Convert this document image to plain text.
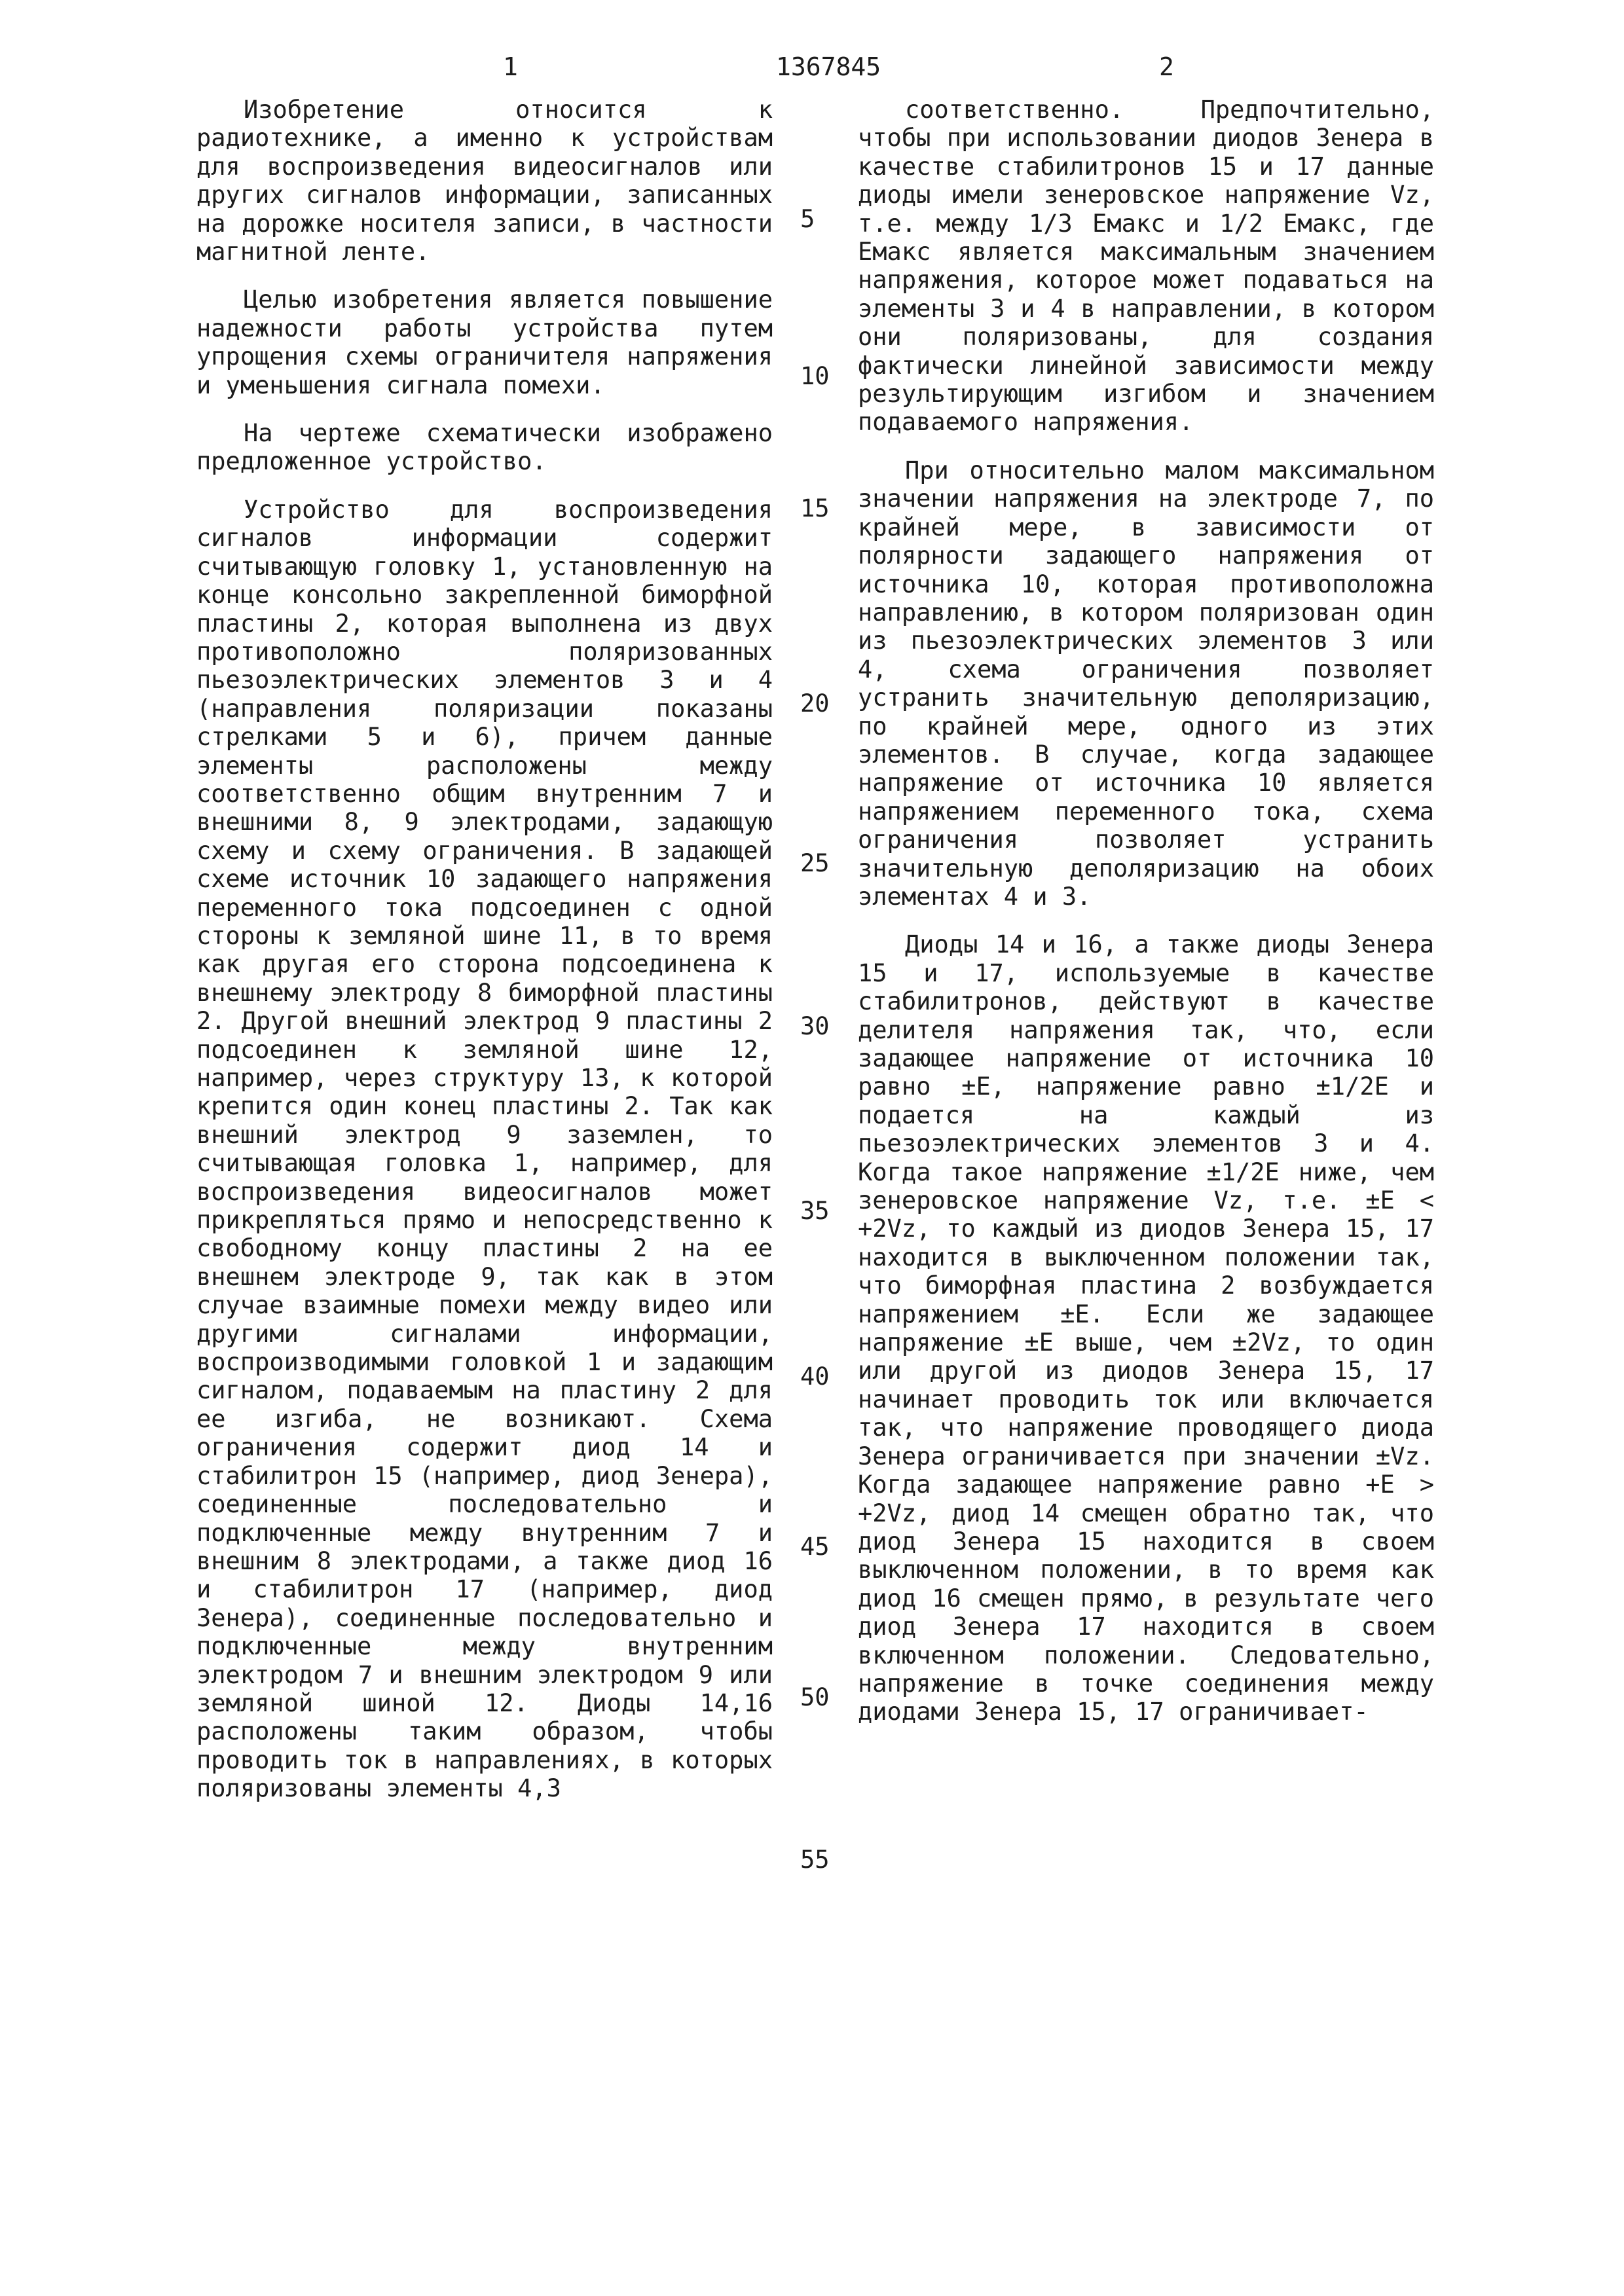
1	1367845	2

Изобретение относится к радиотехнике, а именно к устройствам для воспроизведения видеосигналов или других сигналов информации, записанных на дорожке носителя записи, в частности магнитной ленте.

Целью изобретения является повышение надежности работы устройства путем упрощения схемы ограничителя напряжения и уменьшения сигнала помехи.

На чертеже схематически изображено предложенное устройство.

Устройство для воспроизведения сигналов информации содержит считывающую головку 1, установленную на конце консольно закрепленной биморфной пластины 2, которая выполнена из двух противоположно поляризованных пьезоэлектрических элементов 3 и 4 (направления поляризации показаны стрелками 5 и 6), причем данные элементы расположены между соответственно общим внутренним 7 и внешними 8, 9 электродами, задающую схему и схему ограничения. В задающей схеме источник 10 задающего напряжения переменного тока подсоединен с одной стороны к земляной шине 11, в то время как другая его сторона подсоединена к внешнему электроду 8 биморфной пластины 2. Другой внешний электрод 9 пластины 2 подсоединен к земляной шине 12, например, через структуру 13, к которой крепится один конец пластины 2. Так как внешний электрод 9 заземлен, то считывающая головка 1, например, для воспроизведения видеосигналов может прикрепляться прямо и непосредственно к свободному концу пластины 2 на ее внешнем электроде 9, так как в этом случае взаимные помехи между видео или другими сигналами информации, воспроизводимыми головкой 1 и задающим сигналом, подаваемым на пластину 2 для ее изгиба, не возникают. Схема ограничения содержит диод 14 и стабилитрон 15 (например, диод Зенера), соединенные последовательно и подключенные между внутренним 7 и внешним 8 электродами, а также диод 16 и стабилитрон 17 (например, диод Зенера), соединенные последовательно и подключенные между внутренним электродом 7 и внешним электродом 9 или земляной шиной 12. Диоды 14,16 расположены таким образом, чтобы проводить ток в направлениях, в которых поляризованы элементы 4,3

5
10
15
20
25
30
35
40
45
50
55

соответственно. Предпочтительно, чтобы при использовании диодов Зенера в качестве стабилитронов 15 и 17 данные диоды имели зенеровское напряжение Vz, т.е. между 1/3 Eмакс и 1/2 Eмакс, где Eмакс является максимальным значением напряжения, которое может подаваться на элементы 3 и 4 в направлении, в котором они поляризованы, для создания фактически линейной зависимости между результирующим изгибом и значением подаваемого напряжения.

При относительно малом максимальном значении напряжения на электроде 7, по крайней мере, в зависимости от полярности задающего напряжения от источника 10, которая противоположна направлению, в котором поляризован один из пьезоэлектрических элементов 3 или 4, схема ограничения позволяет устранить значительную деполяризацию, по крайней мере, одного из этих элементов. В случае, когда задающее напряжение от источника 10 является напряжением переменного тока, схема ограничения позволяет устранить значительную деполяризацию на обоих элементах 4 и 3.

Диоды 14 и 16, а также диоды Зенера 15 и 17, используемые в качестве стабилитронов, действуют в качестве делителя напряжения так, что, если задающее напряжение от источника 10 равно ±E, напряжение равно ±1/2E и подается на каждый из пьезоэлектрических элементов 3 и 4. Когда такое напряжение ±1/2E ниже, чем зенеровское напряжение Vz, т.е. ±E < +2Vz, то каждый из диодов Зенера 15, 17 находится в выключенном положении так, что биморфная пластина 2 возбуждается напряжением ±E. Если же задающее напряжение ±E выше, чем ±2Vz, то один или другой из диодов Зенера 15, 17 начинает проводить ток или включается так, что напряжение проводящего диода Зенера ограничивается при значении ±Vz. Когда задающее напряжение равно +E > +2Vz, диод 14 смещен обратно так, что диод Зенера 15 находится в своем выключенном положении, в то время как диод 16 смещен прямо, в результате чего диод Зенера 17 находится в своем включенном положении. Следовательно, напряжение в точке соединения между диодами Зенера 15, 17 ограничивает-
